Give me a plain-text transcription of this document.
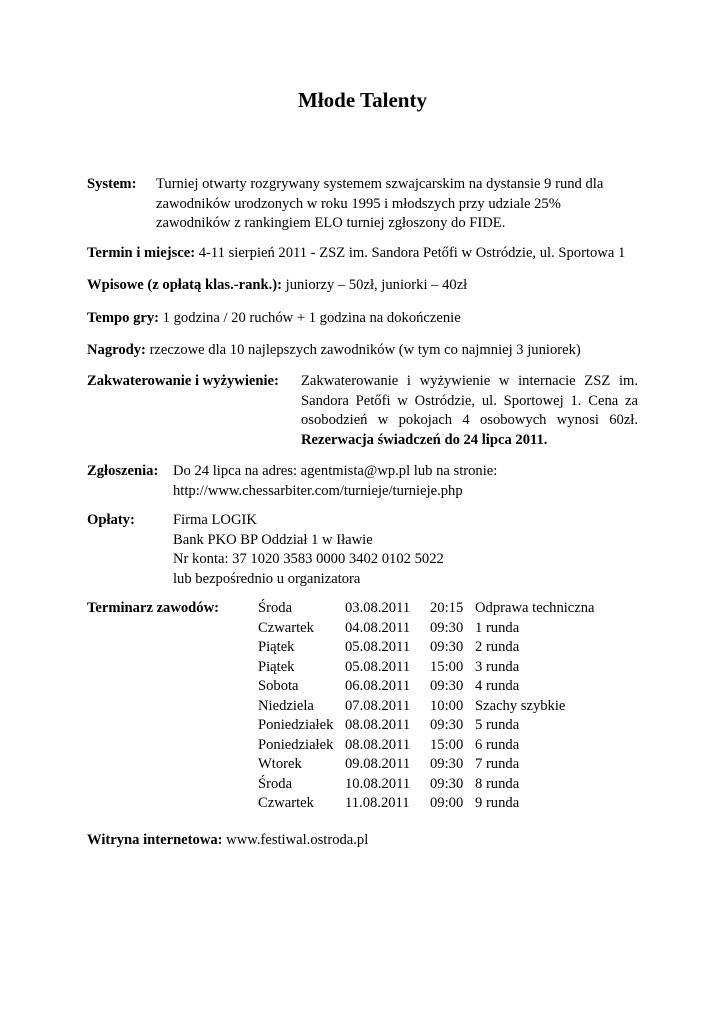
Młode Talenty
System: Turniej otwarty rozgrywany systemem szwajcarskim na dystansie 9 rund dla
zawodników urodzonych w roku 1995 i młodszych przy udziale 25%
zawodników z rankingiem ELO turniej zgłoszony do FIDE.
Termin i miejsce: 4-11 sierpień 2011 - ZSZ im. Sandora Petőfi w Ostródzie, ul. Sportowa 1
Wpisowe (z opłatą klas.-rank.): juniorzy – 50zł, juniorki – 40zł
Tempo gry: 1 godzina / 20 ruchów + 1 godzina na dokończenie
Nagrody: rzeczowe dla 10 najlepszych zawodników (w tym co najmniej 3 juniorek)
Zakwaterowanie i wyżywienie: Zakwaterowanie i wyżywienie w internacie ZSZ im. Sandora Petőfi w Ostródzie, ul. Sportowej 1. Cena za osobodzień w pokojach 4 osobowych wynosi 60zł. Rezerwacja świadczeń do 24 lipca 2011.
Zgłoszenia: Do 24 lipca na adres: agentmista@wp.pl lub na stronie:
http://www.chessarbiter.com/turnieje/turnieje.php
Opłaty:	Firma LOGIK
Bank PKO BP Oddział 1 w Iławie
Nr konta: 37 1020 3583 0000 3402 0102 5022
lub bezpośrednio u organizatora
Terminarz zawodów:	Środa	03.08.2011 20:15 Odprawa techniczna
Czwartek 04.08.2011 09:30 1 runda
Piątek	05.08.2011 09:30 2 runda
Piątek	05.08.2011 15:00 3 runda
Sobota	06.08.2011 09:30 4 runda
Niedziela 07.08.2011 10:00 Szachy szybkie
Poniedziałek 08.08.2011 09:30 5 runda
Poniedziałek 08.08.2011 15:00 6 runda
Wtorek	09.08.2011 09:30 7 runda
Środa	10.08.2011 09:30 8 runda
Czwartek 11.08.2011 09:00 9 runda
Witryna internetowa: www.festiwal.ostroda.pl
